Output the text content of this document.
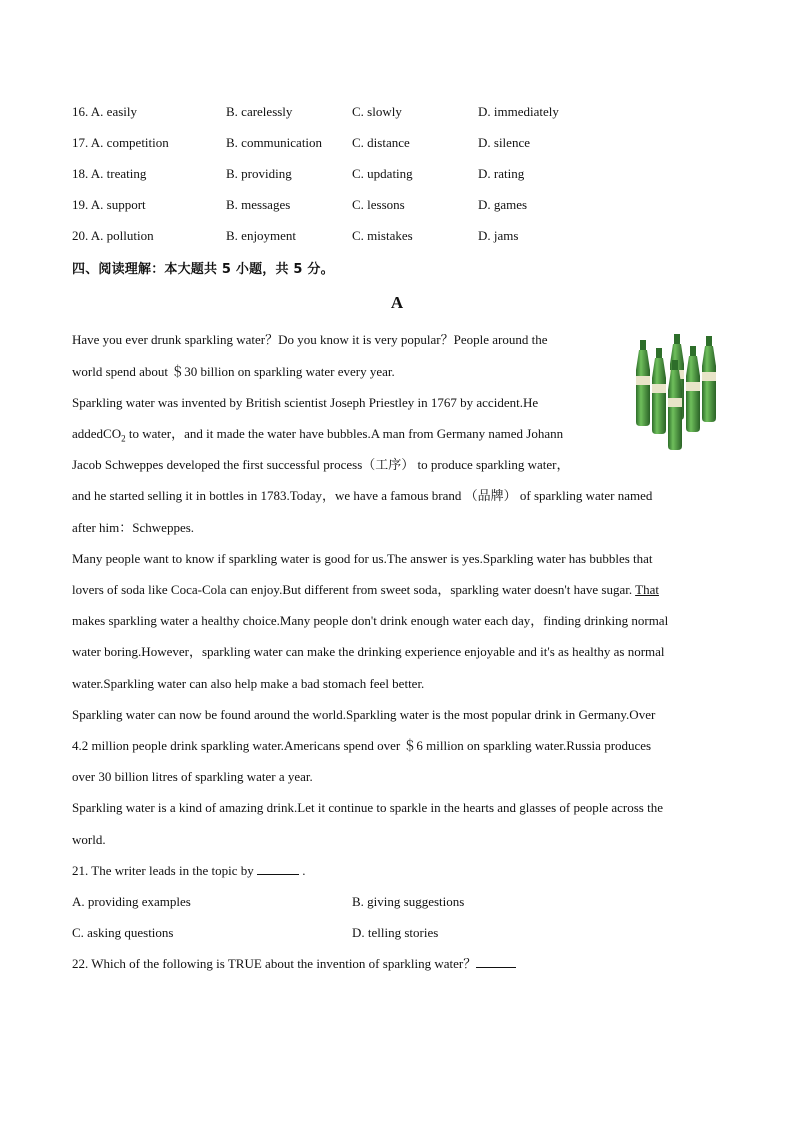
16. A. easily	B. carelessly	C. slowly	D. immediately
17. A. competition	B. communication C. distance	D. silence
18. A. treating	B. providing	C. updating	D. rating
19. A. support	B. messages	C. lessons	D. games
20. A. pollution	B. enjoyment	C. mistakes	D. jams
四、阅读理解：本大题共 5 小题，共 5 分。
A
Have you ever drunk sparkling water？Do you know it is very popular？People around the
world spend about ＄30 billion on sparkling water every year.
Sparkling water was invented by British scientist Joseph Priestley in 1767 by accident.He
addedCO$_2$ to water，and it made the water have bubbles.A man from Germany named Johann
Jacob Schweppes developed the first successful process（工序） to produce sparkling water，
and he started selling it in bottles in 1783.Today，we have a famous brand （品牌） of sparkling water named
after him：Schweppes.
Many people want to know if sparkling water is good for us.The answer is yes.Sparkling water has bubbles that
lovers of soda like Coca-Cola can enjoy.But different from sweet soda，sparkling water doesn't have sugar. That
makes sparkling water a healthy choice.Many people don't drink enough water each day，finding drinking normal
water boring.However，sparkling water can make the drinking experience enjoyable and it's as healthy as normal
water.Sparkling water can also help make a bad stomach feel better.
Sparkling water can now be found around the world.Sparkling water is the most popular drink in Germany.Over
4.2 million people drink sparkling water.Americans spend over ＄6 million on sparkling water.Russia produces
over 30 billion litres of sparkling water a year.
Sparkling water is a kind of amazing drink.Let it continue to sparkle in the hearts and glasses of people across the
world.
21. The writer leads in the topic by	.
A. providing examples	B. giving suggestions
C. asking questions	D. telling stories
22. Which of the following is TRUE about the invention of sparkling water？
